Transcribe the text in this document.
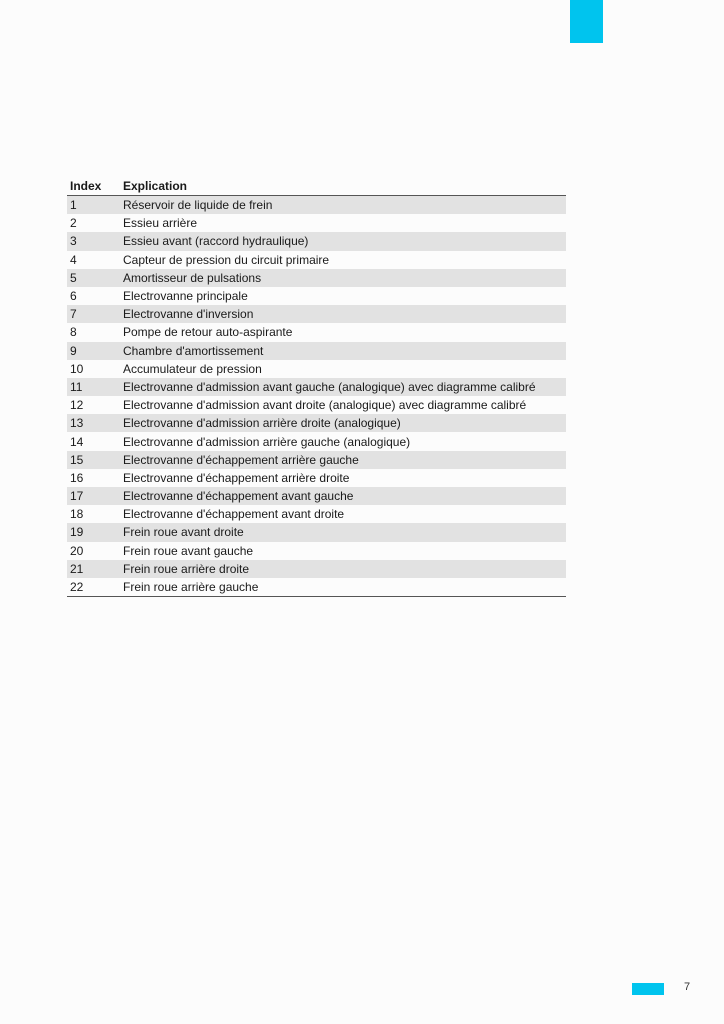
Index	Explication
1	Réservoir de liquide de frein
2	Essieu arrière
3	Essieu avant (raccord hydraulique)
4	Capteur de pression du circuit primaire
5	Amortisseur de pulsations
6	Electrovanne principale
7	Electrovanne d'inversion
8	Pompe de retour auto-aspirante
9	Chambre d'amortissement
10	Accumulateur de pression
11	Electrovanne d'admission avant gauche (analogique) avec diagramme calibré
12	Electrovanne d'admission avant droite (analogique) avec diagramme calibré
13	Electrovanne d'admission arrière droite (analogique)
14	Electrovanne d'admission arrière gauche (analogique)
15	Electrovanne d'échappement arrière gauche
16	Electrovanne d'échappement arrière droite
17	Electrovanne d'échappement avant gauche
18	Electrovanne d'échappement avant droite
19	Frein roue avant droite
20	Frein roue avant gauche
21	Frein roue arrière droite
22	Frein roue arrière gauche
7
